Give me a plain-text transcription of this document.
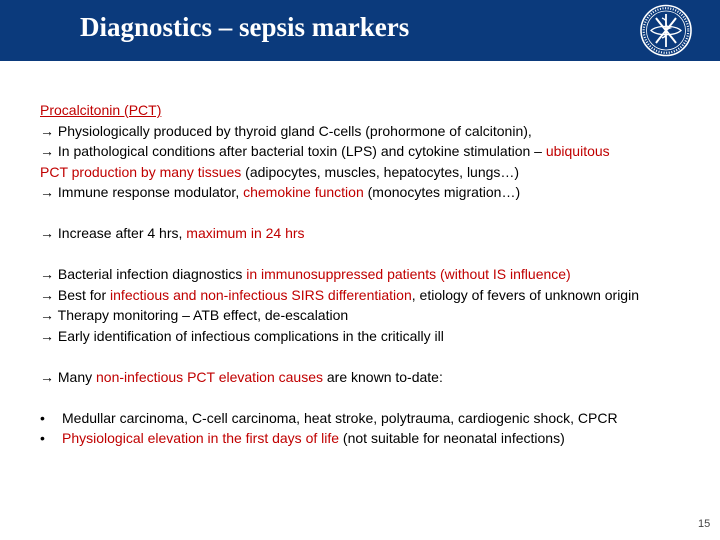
Diagnostics – sepsis markers
Procalcitonin (PCT)
→ Physiologically produced by thyroid gland C-cells (prohormone of calcitonin),
→ In pathological conditions after bacterial toxin (LPS) and cytokine stimulation – ubiquitous
PCT production by many tissues (adipocytes, muscles, hepatocytes, lungs…)
→ Immune response modulator, chemokine function (monocytes migration…)
→ Increase after 4 hrs, maximum in 24 hrs
→ Bacterial infection diagnostics in immunosuppressed patients (without IS influence)
→ Best for infectious and non-infectious SIRS differentiation, etiology of fevers of unknown origin
→ Therapy monitoring – ATB effect, de-escalation
→ Early identification of infectious complications in the critically ill
→ Many non-infectious PCT elevation causes are known to-date:
• Medullar carcinoma, C-cell carcinoma, heat stroke, polytrauma, cardiogenic shock, CPCR
• Physiological elevation in the first days of life (not suitable for neonatal infections)
15
